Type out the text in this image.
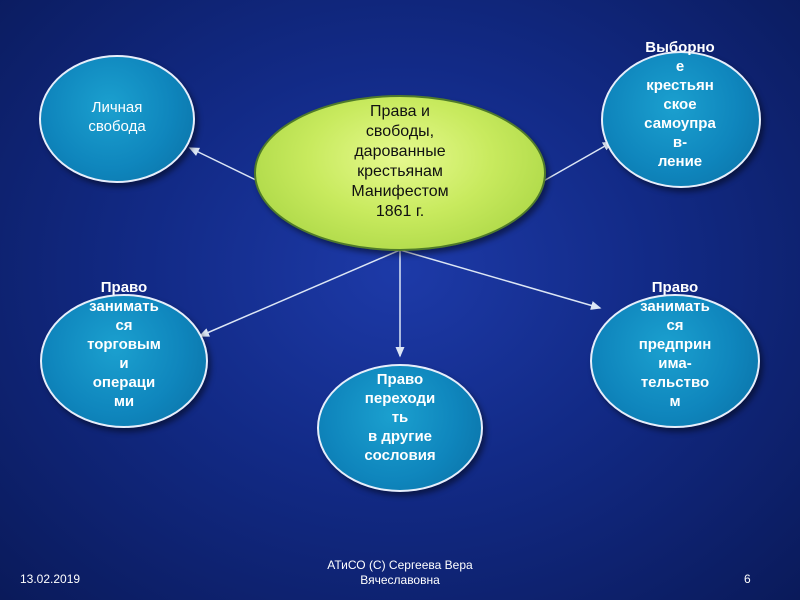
Личная
свобода
Права и
свободы,
дарованные
крестьянам
Манифестом
1861 г.
Выборно
е
крестьян
ское
самоупра
в-
ление
Право
занимать
ся
торговым
и
операци
ми
Право
переходи
ть
в другие
сословия
Право
занимать
ся
предприн
има-
тельство
м
13.02.2019
АТиСО (С) Сергеева Вера
Вячеславовна	6
